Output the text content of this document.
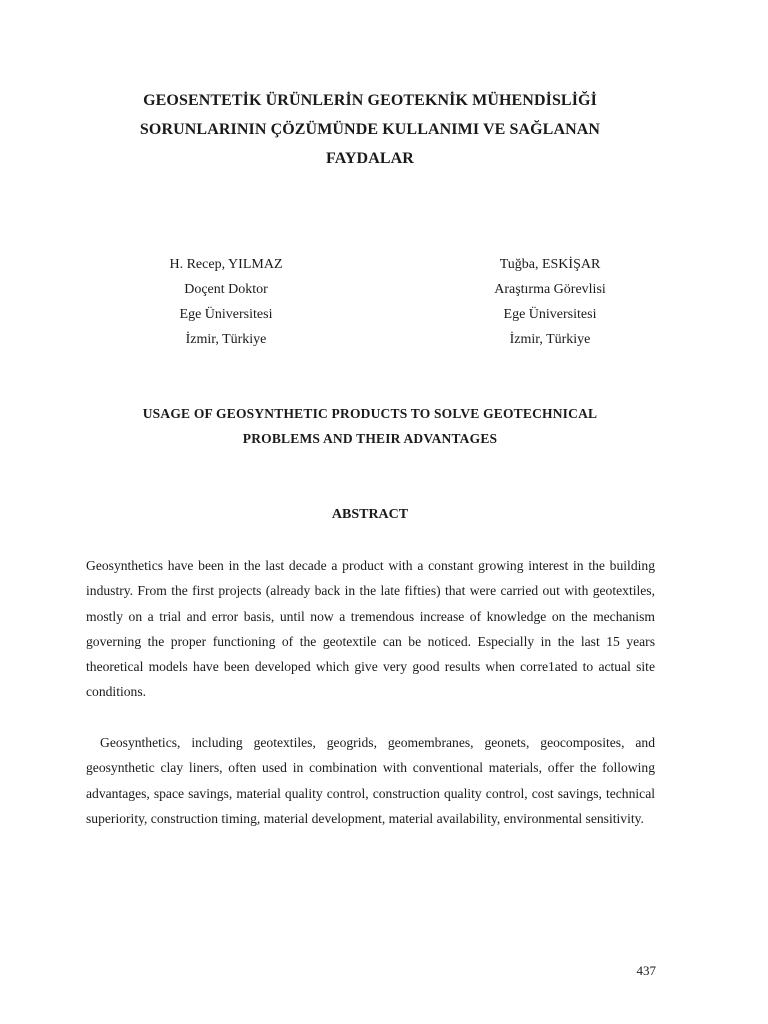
GEOSENTETİK ÜRÜNLERİN GEOTEKNİK MÜHENDİSLİĞİ
SORUNLARININ ÇÖZÜMÜNDE KULLANIMI VE SAĞLANAN
FAYDALAR
H. Recep, YILMAZ
Doçent Doktor
Ege Üniversitesi
İzmir, Türkiye
Tuğba, ESKİŞAR
Araştırma Görevlisi
Ege Üniversitesi
İzmir, Türkiye
USAGE OF GEOSYNTHETIC PRODUCTS TO SOLVE GEOTECHNICAL
PROBLEMS AND THEIR ADVANTAGES
ABSTRACT

Geosynthetics have been in the last decade a product with a constant growing interest in the building industry. From the first projects (already back in the late fifties) that were carried out with geotextiles, mostly on a trial and error basis, until now a tremendous increase of knowledge on the mechanism governing the proper functioning of the geotextile can be noticed. Especially in the last 15 years theoretical models have been developed which give very good results when corre1ated to actual site conditions.

Geosynthetics, including geotextiles, geogrids, geomembranes, geonets, geocomposites, and geosynthetic clay liners, often used in combination with conventional materials, offer the following advantages, space savings, material quality control, construction quality control, cost savings, technical superiority, construction timing, material development, material availability, environmental sensitivity.

437
